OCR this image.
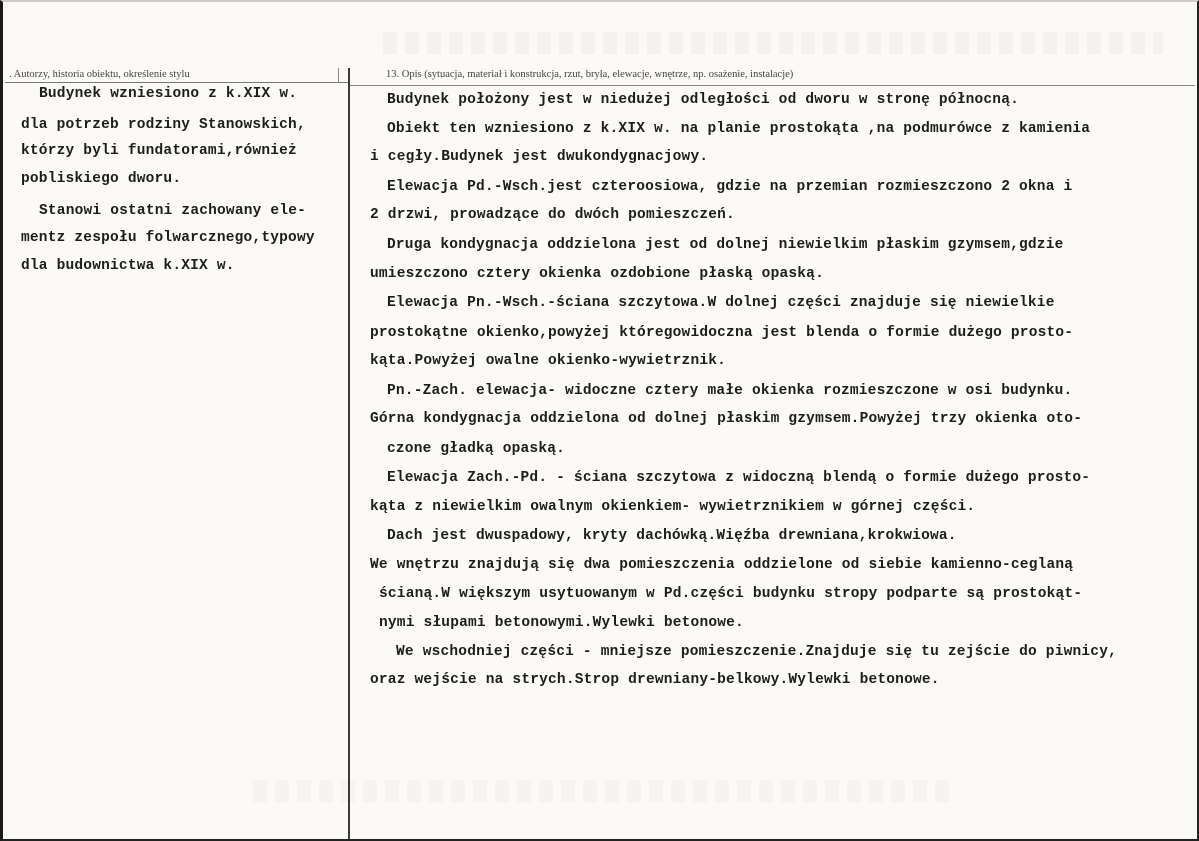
. Autorzy, historia obiektu, określenie stylu	13. Opis (sytuacja, materiał i konstrukcja, rzut, bryła, elewacje, wnętrze, np. osażenie, instalacje)
Budynek wzniesiono z k.XIX w.
dla potrzeb rodziny Stanowskich,
którzy byli fundatorami,również
pobliskiego dworu.
Stanowi ostatni zachowany ele-
mentz zespołu folwarcznego,typowy
dla budownictwa k.XIX w.
Budynek położony jest w niedużej odległości od dworu w stronę północną.
Obiekt ten wzniesiono z k.XIX w. na planie prostokąta ,na podmurówce z kamienia
i cegły.Budynek jest dwukondygnacjowy.
Elewacja Pd.-Wsch.jest czteroosiowa, gdzie na przemian rozmieszczono 2 okna i
2 drzwi, prowadzące do dwóch pomieszczeń.
Druga kondygnacja oddzielona jest od dolnej niewielkim płaskim gzymsem,gdzie
umieszczono cztery okienka ozdobione płaską opaską.
Elewacja Pn.-Wsch.-ściana szczytowa.W dolnej części znajduje się niewielkie
prostokątne okienko,powyżej któregowidoczna jest blenda o formie dużego prosto-
kąta.Powyżej owalne okienko-wywietrznik.
Pn.-Zach. elewacja- widoczne cztery małe okienka rozmieszczone w osi budynku.
Górna kondygnacja oddzielona od dolnej płaskim gzymsem.Powyżej trzy okienka oto-
czone gładką opaską.
Elewacja Zach.-Pd. - ściana szczytowa z widoczną blendą o formie dużego prosto-
kąta z niewielkim owalnym okienkiem- wywietrznikiem w górnej części.
Dach jest dwuspadowy, kryty dachówką.Więźba drewniana,krokwiowa.
We wnętrzu znajdują się dwa pomieszczenia oddzielone od siebie kamienno-ceglaną
ścianą.W większym usytuowanym w Pd.części budynku stropy podparte są prostokąt-
nymi słupami betonowymi.Wylewki betonowe.
We wschodniej części - mniejsze pomieszczenie.Znajduje się tu zejście do piwnicy,
oraz wejście na strych.Strop drewniany-belkowy.Wylewki betonowe.
